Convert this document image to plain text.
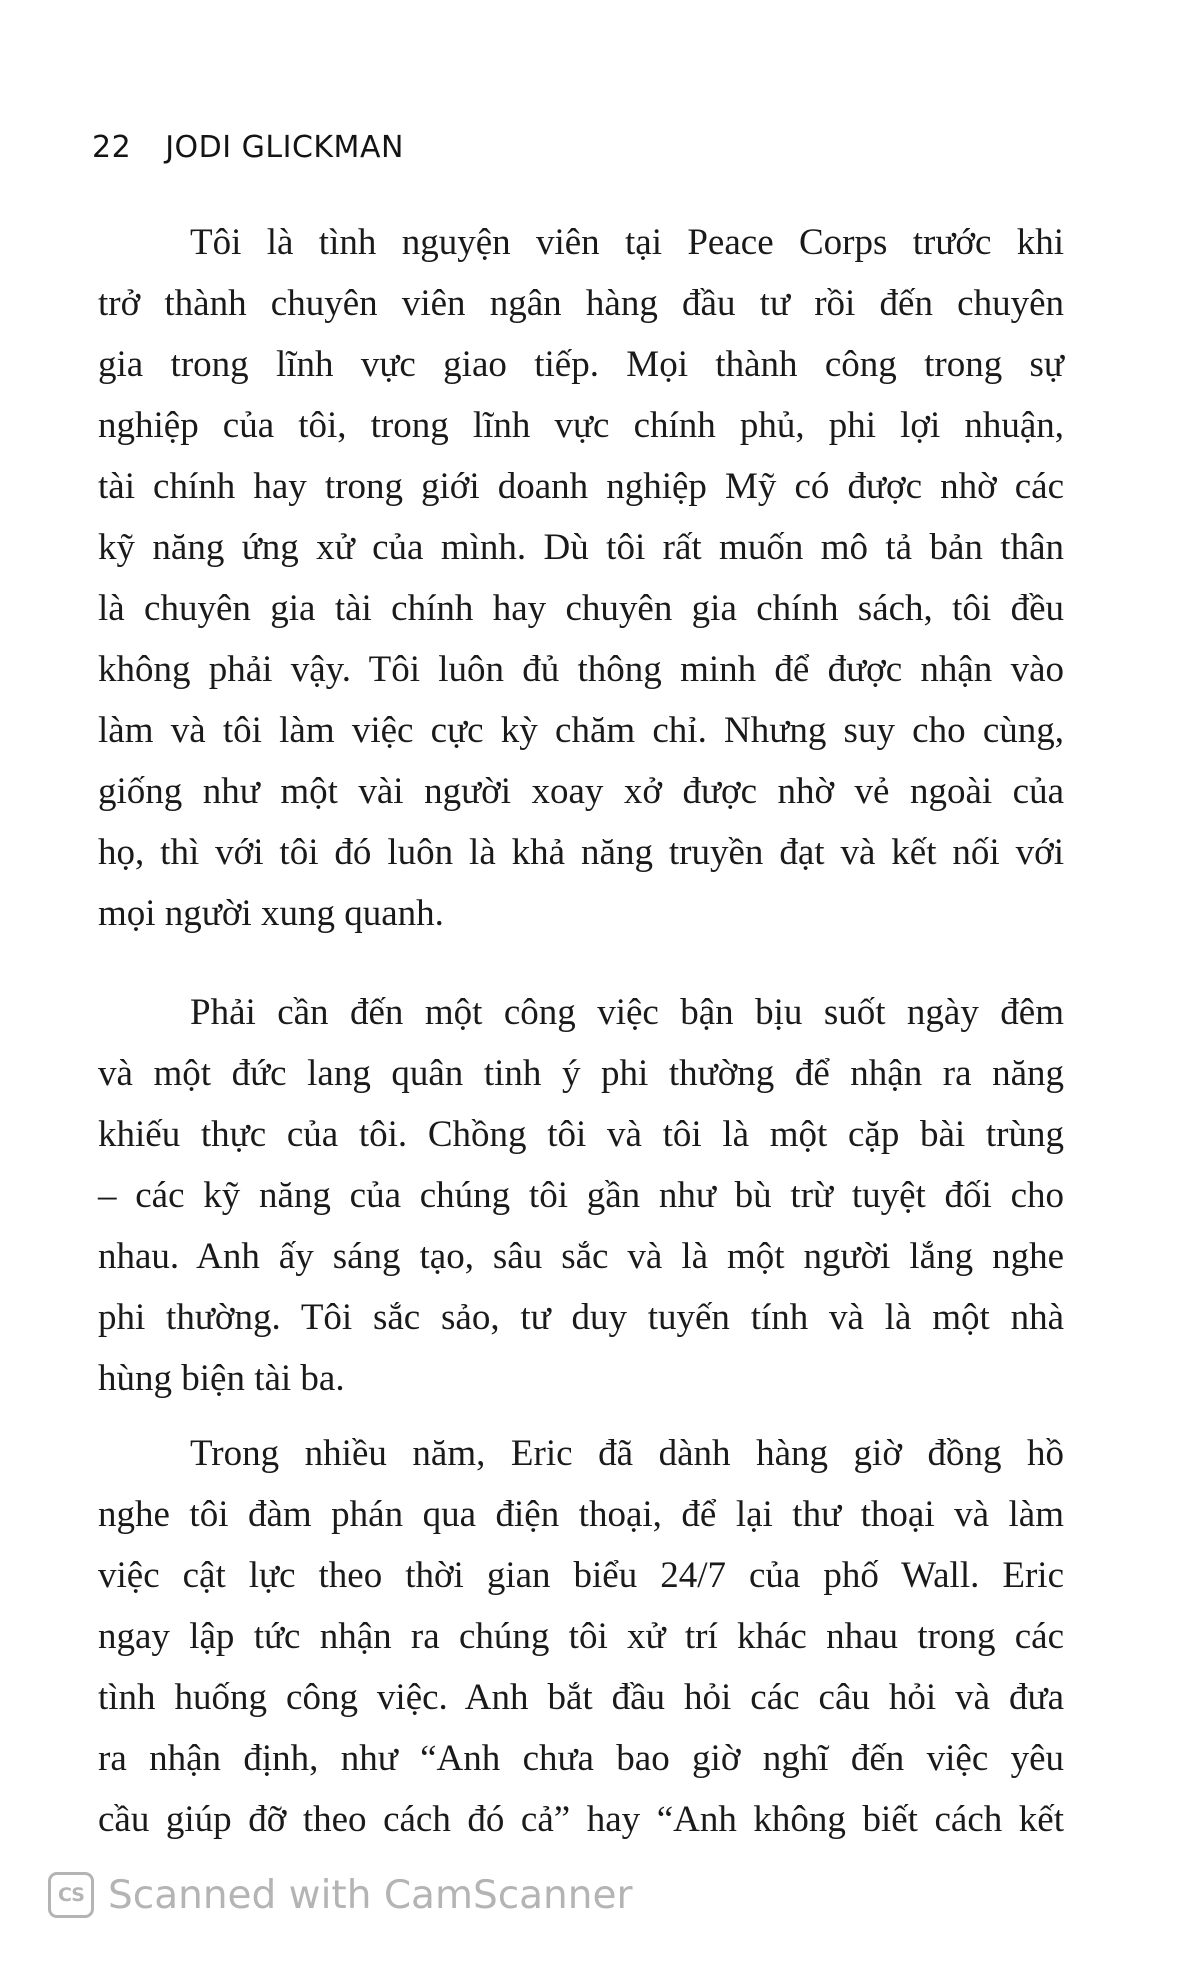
22 JODI GLICKMAN
Tôi là tình nguyện viên tại Peace Corps trước khi
trở thành chuyên viên ngân hàng đầu tư rồi đến chuyên
gia trong lĩnh vực giao tiếp. Mọi thành công trong sự
nghiệp của tôi, trong lĩnh vực chính phủ, phi lợi nhuận,
tài chính hay trong giới doanh nghiệp Mỹ có được nhờ các
kỹ năng ứng xử của mình. Dù tôi rất muốn mô tả bản thân
là chuyên gia tài chính hay chuyên gia chính sách, tôi đều
không phải vậy. Tôi luôn đủ thông minh để được nhận vào
làm và tôi làm việc cực kỳ chăm chỉ. Nhưng suy cho cùng,
giống như một vài người xoay xở được nhờ vẻ ngoài của
họ, thì với tôi đó luôn là khả năng truyền đạt và kết nối với
mọi người xung quanh.
Phải cần đến một công việc bận bịu suốt ngày đêm
và một đức lang quân tinh ý phi thường để nhận ra năng
khiếu thực của tôi. Chồng tôi và tôi là một cặp bài trùng
– các kỹ năng của chúng tôi gần như bù trừ tuyệt đối cho
nhau. Anh ấy sáng tạo, sâu sắc và là một người lắng nghe
phi thường. Tôi sắc sảo, tư duy tuyến tính và là một nhà
hùng biện tài ba.
Trong nhiều năm, Eric đã dành hàng giờ đồng hồ
nghe tôi đàm phán qua điện thoại, để lại thư thoại và làm
việc cật lực theo thời gian biểu 24/7 của phố Wall. Eric
ngay lập tức nhận ra chúng tôi xử trí khác nhau trong các
tình huống công việc. Anh bắt đầu hỏi các câu hỏi và đưa
ra nhận định, như “Anh chưa bao giờ nghĩ đến việc yêu
cầu giúp đỡ theo cách đó cả” hay “Anh không biết cách kết
CS Scanned with CamScanner
